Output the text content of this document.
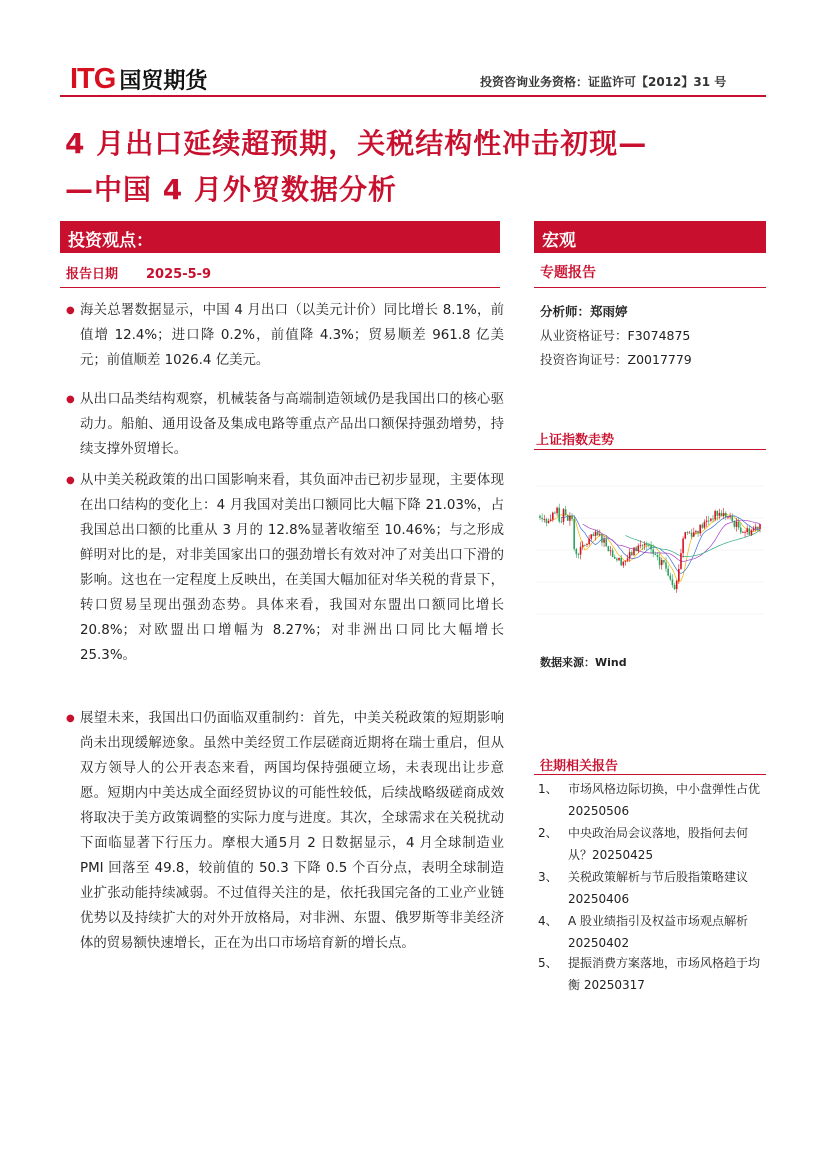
ITG 国贸期货	投资咨询业务资格：证监许可【2012】31 号
4 月出口延续超预期，关税结构性冲击初现—
—中国 4 月外贸数据分析
投资观点：
报告日期 2025-5-9
● 海关总署数据显示，中国 4 月出口（以美元计价）同比增长 8.1%，前值增 12.4%；进口降 0.2%，前值降 4.3%；贸易顺差 961.8 亿美元；前值顺差 1026.4 亿美元。
● 从出口品类结构观察，机械装备与高端制造领域仍是我国出口的核心驱动力。船舶、通用设备及集成电路等重点产品出口额保持强劲增势，持续支撑外贸增长。
● 从中美关税政策的出口国影响来看，其负面冲击已初步显现，主要体现在出口结构的变化上：4 月我国对美出口额同比大幅下降 21.03%，占我国总出口额的比重从 3 月的 12.8%显著收缩至 10.46%；与之形成鲜明对比的是，对非美国家出口的强劲增长有效对冲了对美出口下滑的影响。这也在一定程度上反映出，在美国大幅加征对华关税的背景下，转口贸易呈现出强劲态势。具体来看，我国对东盟出口额同比增长 20.8%；对欧盟出口增幅为 8.27%；对非洲出口同比大幅增长 25.3%。
● 展望未来，我国出口仍面临双重制约：首先，中美关税政策的短期影响尚未出现缓解迹象。虽然中美经贸工作层磋商近期将在瑞士重启，但从双方领导人的公开表态来看，两国均保持强硬立场，未表现出让步意愿。短期内中美达成全面经贸协议的可能性较低，后续战略级磋商成效将取决于美方政策调整的实际力度与进度。其次，全球需求在关税扰动下面临显著下行压力。摩根大通5月 2 日数据显示，4 月全球制造业 PMI 回落至 49.8，较前值的 50.3 下降 0.5 个百分点，表明全球制造业扩张动能持续减弱。不过值得关注的是，依托我国完备的工业产业链优势以及持续扩大的对外开放格局，对非洲、东盟、俄罗斯等非美经济体的贸易额快速增长，正在为出口市场培育新的增长点。
宏观
专题报告
分析师：郑雨婷
从业资格证号：F3074875
投资咨询证号：Z0017779
上证指数走势
数据来源：Wind
往期相关报告
1、 市场风格边际切换，中小盘弹性占优 20250506
2、 中央政治局会议落地，股指何去何从？20250425
3、 关税政策解析与节后股指策略建议 20250406
4、 A 股业绩指引及权益市场观点解析 20250402
5、 提振消费方案落地，市场风格趋于均衡 20250317
